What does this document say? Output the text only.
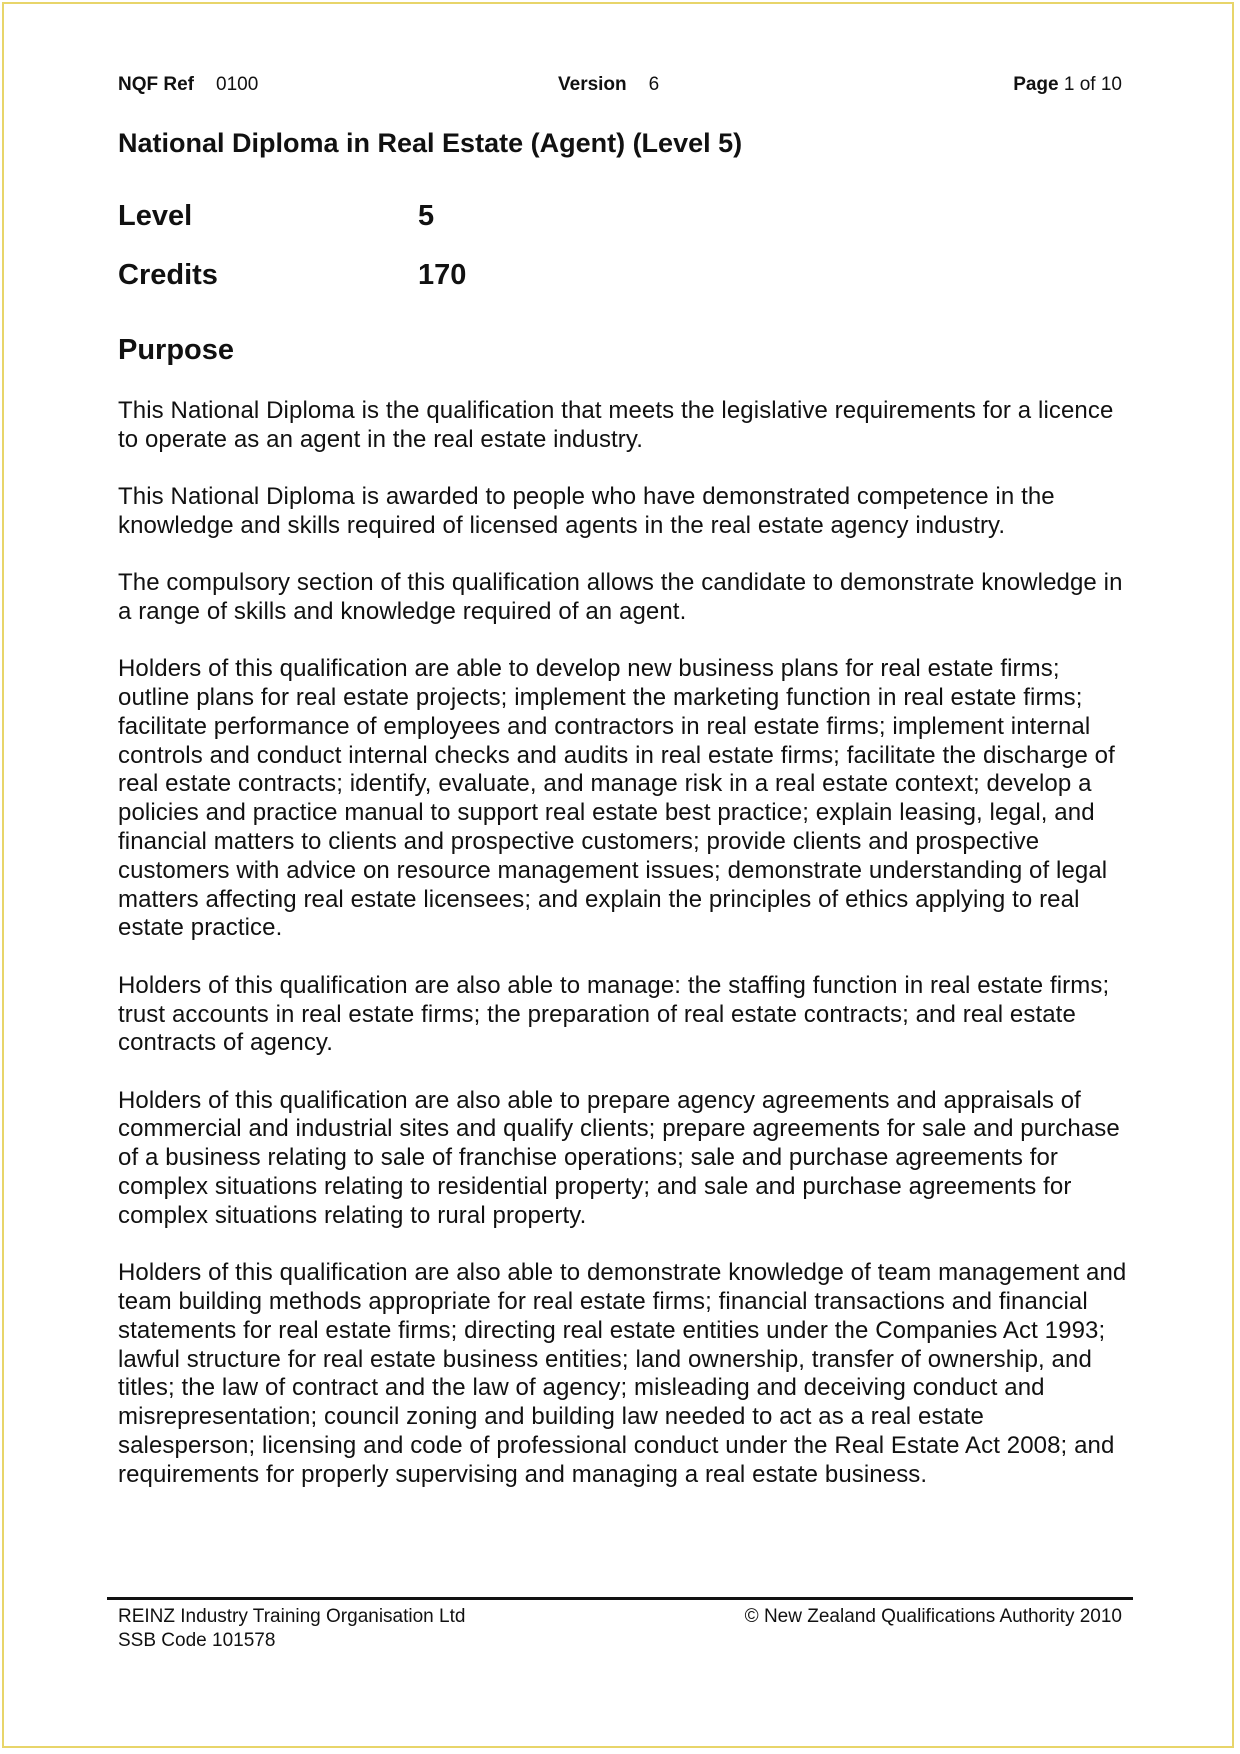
NQF Ref 0100	Version 6	Page 1 of 10
National Diploma in Real Estate (Agent) (Level 5)
Level	5
Credits	170
Purpose

This National Diploma is the qualification that meets the legislative requirements for a licence to operate as an agent in the real estate industry.

This National Diploma is awarded to people who have demonstrated competence in the knowledge and skills required of licensed agents in the real estate agency industry.

The compulsory section of this qualification allows the candidate to demonstrate knowledge in a range of skills and knowledge required of an agent.

Holders of this qualification are able to develop new business plans for real estate firms; outline plans for real estate projects; implement the marketing function in real estate firms; facilitate performance of employees and contractors in real estate firms; implement internal controls and conduct internal checks and audits in real estate firms; facilitate the discharge of real estate contracts; identify, evaluate, and manage risk in a real estate context; develop a policies and practice manual to support real estate best practice; explain leasing, legal, and financial matters to clients and prospective customers; provide clients and prospective customers with advice on resource management issues; demonstrate understanding of legal matters affecting real estate licensees; and explain the principles of ethics applying to real estate practice.

Holders of this qualification are also able to manage: the staffing function in real estate firms; trust accounts in real estate firms; the preparation of real estate contracts; and real estate contracts of agency.

Holders of this qualification are also able to prepare agency agreements and appraisals of commercial and industrial sites and qualify clients; prepare agreements for sale and purchase of a business relating to sale of franchise operations; sale and purchase agreements for complex situations relating to residential property; and sale and purchase agreements for complex situations relating to rural property.

Holders of this qualification are also able to demonstrate knowledge of team management and team building methods appropriate for real estate firms; financial transactions and financial statements for real estate firms; directing real estate entities under the Companies Act 1993; lawful structure for real estate business entities; land ownership, transfer of ownership, and titles; the law of contract and the law of agency; misleading and deceiving conduct and misrepresentation; council zoning and building law needed to act as a real estate salesperson; licensing and code of professional conduct under the Real Estate Act 2008; and requirements for properly supervising and managing a real estate business.

REINZ Industry Training Organisation Ltd
SSB Code 101578
© New Zealand Qualifications Authority 2010
